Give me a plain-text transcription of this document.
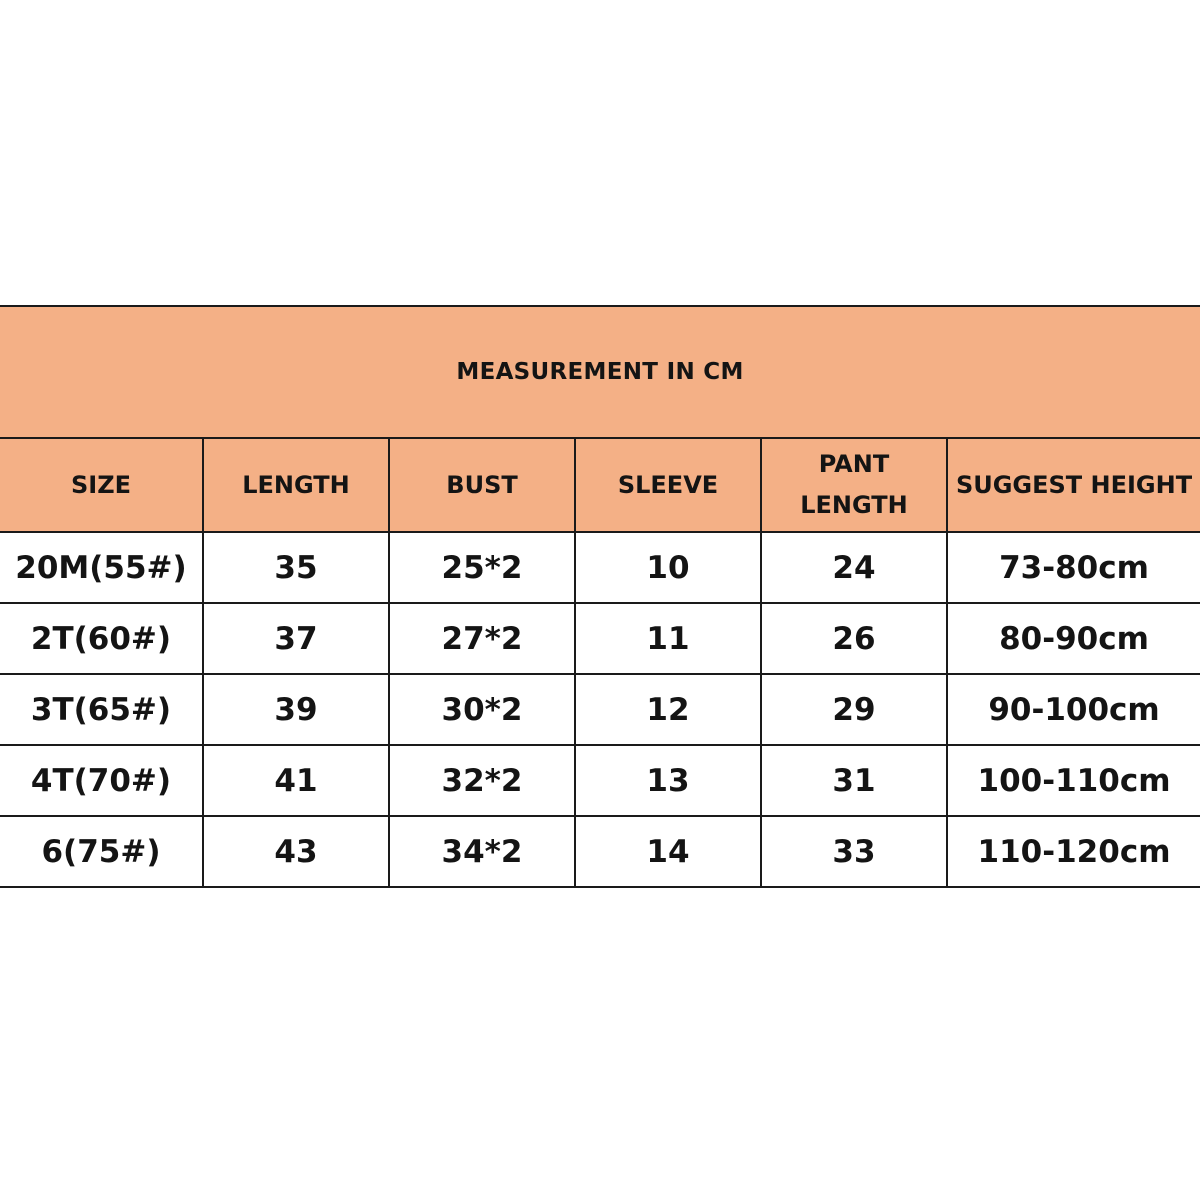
MEASUREMENT IN CM					
SIZE	LENGTH	BUST	SLEEVE	PANT LENGTH	SUGGEST HEIGHT
20M(55#)	35	25*2	10	24	73-80cm
2T(60#)	37	27*2	11	26	80-90cm
3T(65#)	39	30*2	12	29	90-100cm
4T(70#)	41	32*2	13	31	100-110cm
6(75#)	43	34*2	14	33	110-120cm
